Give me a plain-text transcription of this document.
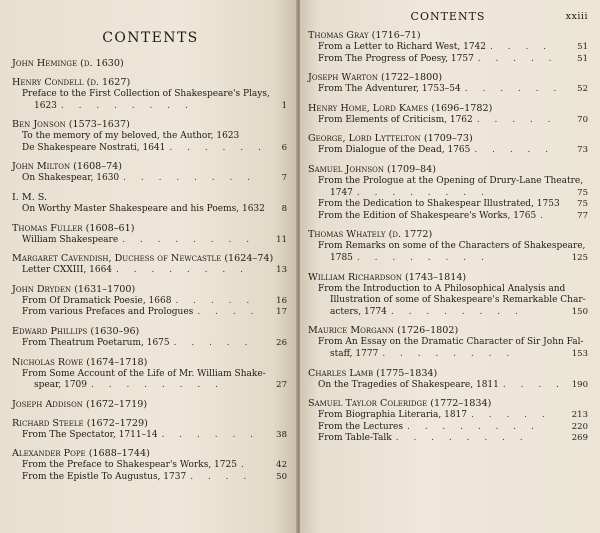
CONTENTS
John Heminge (d. 1630)
Henry Condell (d. 1627)
Preface to the First Collection of Shakespeare's Plays,
1623 . . . . . . . .	1
Ben Jonson (1573–1637)
To the memory of my beloved, the Author, 1623
De Shakespeare Nostrati, 1641 . . . . . . 6
John Milton (1608–74)
On Shakespear, 1630 . . . . . . . .	7
I. M. S.
On Worthy Master Shakespeare and his Poems, 1632 8
Thomas Fuller (1608–61)
William Shakespeare . . . . . . . . 11
Margaret Cavendish, Duchess of Newcastle (1624–74)
Letter CXXIII, 1664 . . . . . . . .	13
John Dryden (1631–1700)
From Of Dramatick Poesie, 1668 . . . . . 16
From various Prefaces and Prologues . . . . 17
Edward Phillips (1630–96)
From Theatrum Poetarum, 1675 . . . . .	26
Nicholas Rowe (1674–1718)
From Some Account of the Life of Mr. William Shake-
spear, 1709 . . . . . . . .	27
Joseph Addison (1672–1719)
Richard Steele (1672–1729)
From The Spectator, 1711–14 . . . . . . 38
Alexander Pope (1688–1744)
From the Preface to Shakespear's Works, 1725 .	42
From the Epistle To Augustus, 1737 . . . .	50
CONTENTS	xxiii
Thomas Gray (1716–71)
From a Letter to Richard West, 1742 . . . .	51
From The Progress of Poesy, 1757 . . . . . 51
Joseph Warton (1722–1800)
From The Adventurer, 1753–54 . . . . . . 52
Henry Home, Lord Kames (1696–1782)
From Elements of Criticism, 1762 . . . . . 70
George, Lord Lyttelton (1709–73)
From Dialogue of the Dead, 1765 . . . . .	73
Samuel Johnson (1709–84)
From the Prologue at the Opening of Drury-Lane Theatre,
1747 . . . . . . . .	75
From the Dedication to Shakespear Illustrated, 1753 75
From the Edition of Shakespeare's Works, 1765 .	77
Thomas Whately (d. 1772)
From Remarks on some of the Characters of Shakespeare,
1785 . . . . . . . .	125
William Richardson (1743–1814)
From the Introduction to A Philosophical Analysis and
Illustration of some of Shakespeare's Remarkable Char-
acters, 1774 . . . . . . . .	150
Maurice Morgann (1726–1802)
From An Essay on the Dramatic Character of Sir John Fal-
staff, 1777 . . . . . . . .	153
Charles Lamb (1775–1834)
On the Tragedies of Shakespeare, 1811 . . . . 190
Samuel Taylor Coleridge (1772–1834)
From Biographia Literaria, 1817 . . . . . 213
From the Lectures . . . . . . . .	220
From Table-Talk . . . . . . . .	269
